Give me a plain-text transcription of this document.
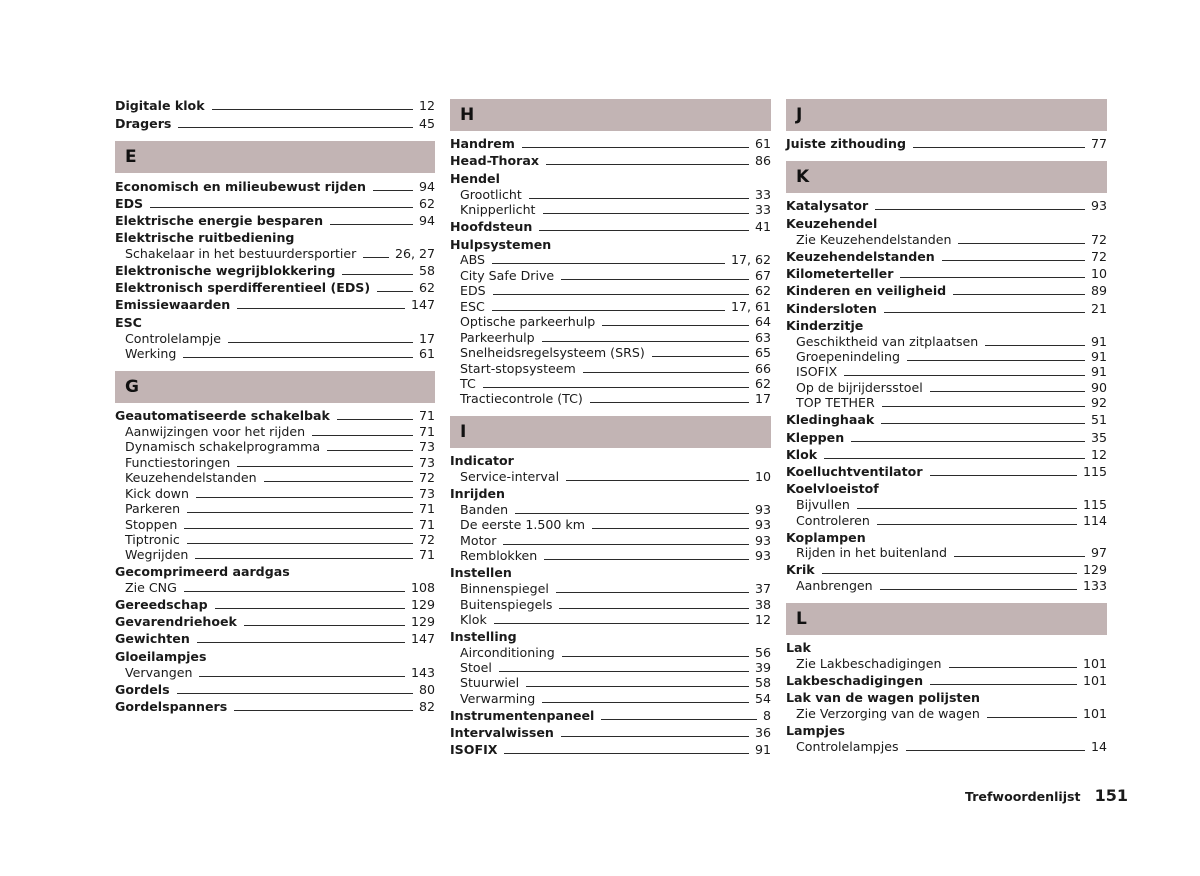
Digitale klok	12
Dragers	45
E
Economisch en milieubewust rijden	94
EDS	62
Elektrische energie besparen	94
Elektrische ruitbediening
Schakelaar in het bestuurdersportier	26, 27
Elektronische wegrijblokkering	58
Elektronisch sperdifferentieel (EDS)	62
Emissiewaarden	147
ESC
Controlelampje	17
Werking	61
G
Geautomatiseerde schakelbak	71
Aanwijzingen voor het rijden	71
Dynamisch schakelprogramma	73
Functiestoringen	73
Keuzehendelstanden	72
Kick down	73
Parkeren	71
Stoppen	71
Tiptronic	72
Wegrijden	71
Gecomprimeerd aardgas
Zie CNG	108
Gereedschap	129
Gevarendriehoek	129
Gewichten	147
Gloeilampjes
Vervangen	143
Gordels	80
Gordelspanners	82
H
Handrem	61
Head-Thorax	86
Hendel
Grootlicht	33
Knipperlicht	33
Hoofdsteun	41
Hulpsystemen
ABS	17, 62
City Safe Drive	67
EDS	62
ESC	17, 61
Optische parkeerhulp	64
Parkeerhulp	63
Snelheidsregelsysteem (SRS)	65
Start-stopsysteem	66
TC	62
Tractiecontrole (TC)	17
I
Indicator
Service-interval	10
Inrijden
Banden	93
De eerste 1.500 km	93
Motor	93
Remblokken	93
Instellen
Binnenspiegel	37
Buitenspiegels	38
Klok	12
Instelling
Airconditioning	56
Stoel	39
Stuurwiel	58
Verwarming	54
Instrumentenpaneel	8
Intervalwissen	36
ISOFIX	91
J
Juiste zithouding	77
K
Katalysator	93
Keuzehendel
Zie Keuzehendelstanden	72
Keuzehendelstanden	72
Kilometerteller	10
Kinderen en veiligheid	89
Kindersloten	21
Kinderzitje
Geschiktheid van zitplaatsen	91
Groepenindeling	91
ISOFIX	91
Op de bijrijdersstoel	90
TOP TETHER	92
Kledinghaak	51
Kleppen	35
Klok	12
Koelluchtventilator	115
Koelvloeistof
Bijvullen	115
Controleren	114
Koplampen
Rijden in het buitenland	97
Krik	129
Aanbrengen	133
L
Lak
Zie Lakbeschadigingen	101
Lakbeschadigingen	101
Lak van de wagen polijsten
Zie Verzorging van de wagen	101
Lampjes
Controlelampjes	14
Trefwoordenlijst 151
